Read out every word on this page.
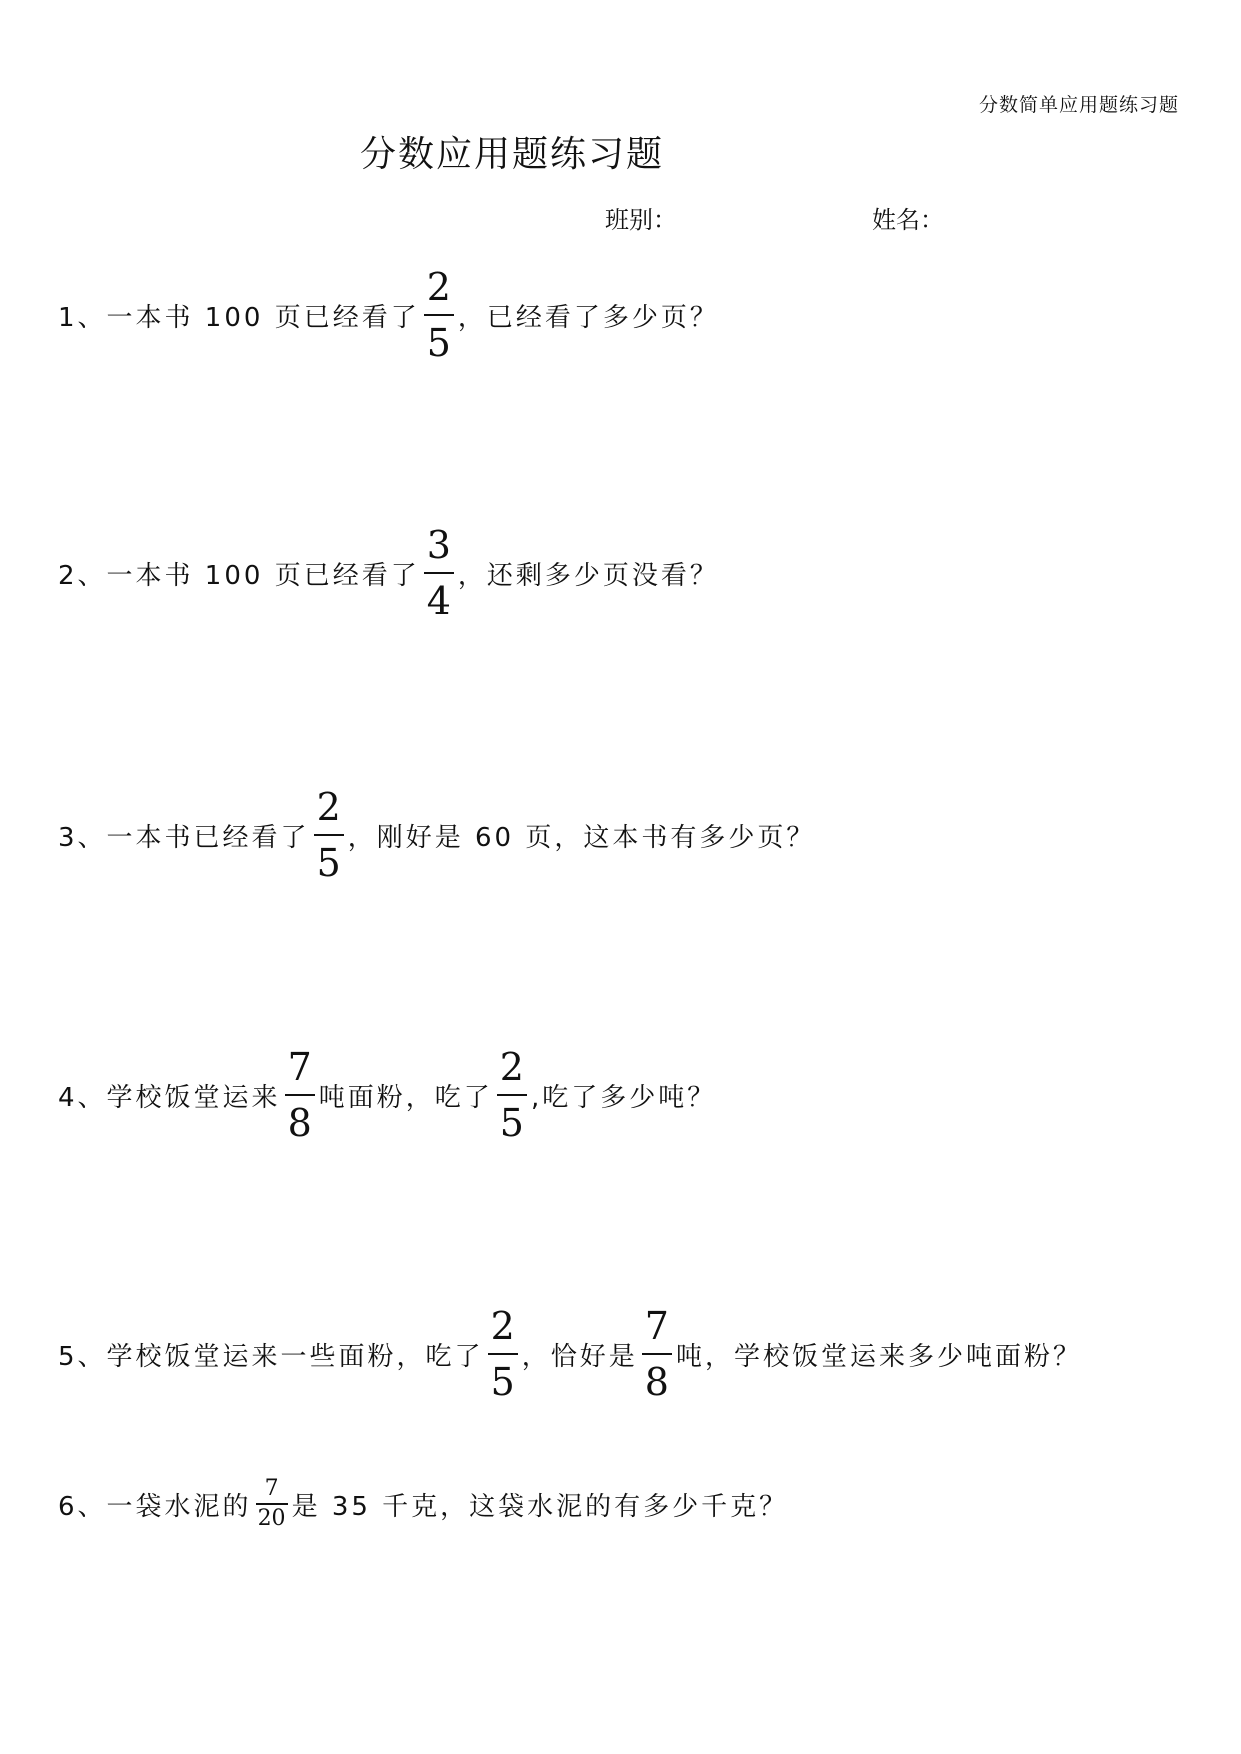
分数简单应用题练习题
分数应用题练习题
班别：	姓名：
1、 一本书 100 页已经看了 $\frac{2}{5}$ ，已经看了多少页？
2、 一本书 100 页已经看了 $\frac{3}{4}$ ，还剩多少页没看？
3、 一本书已经看了 $\frac{2}{5}$ ，刚好是 60 页，这本书有多少页？
4、 学校饭堂运来 $\frac{7}{8}$ 吨面粉，吃了 $\frac{2}{5}$ ,吃了多少吨？
5、 学校饭堂运来一些面粉，吃了 $\frac{2}{5}$ ，恰好是 $\frac{7}{8}$ 吨，学校饭堂运来多少吨面粉？
6、 一袋水泥的 $\frac{7}{20}$ 是 35 千克，这袋水泥的有多少千克？
